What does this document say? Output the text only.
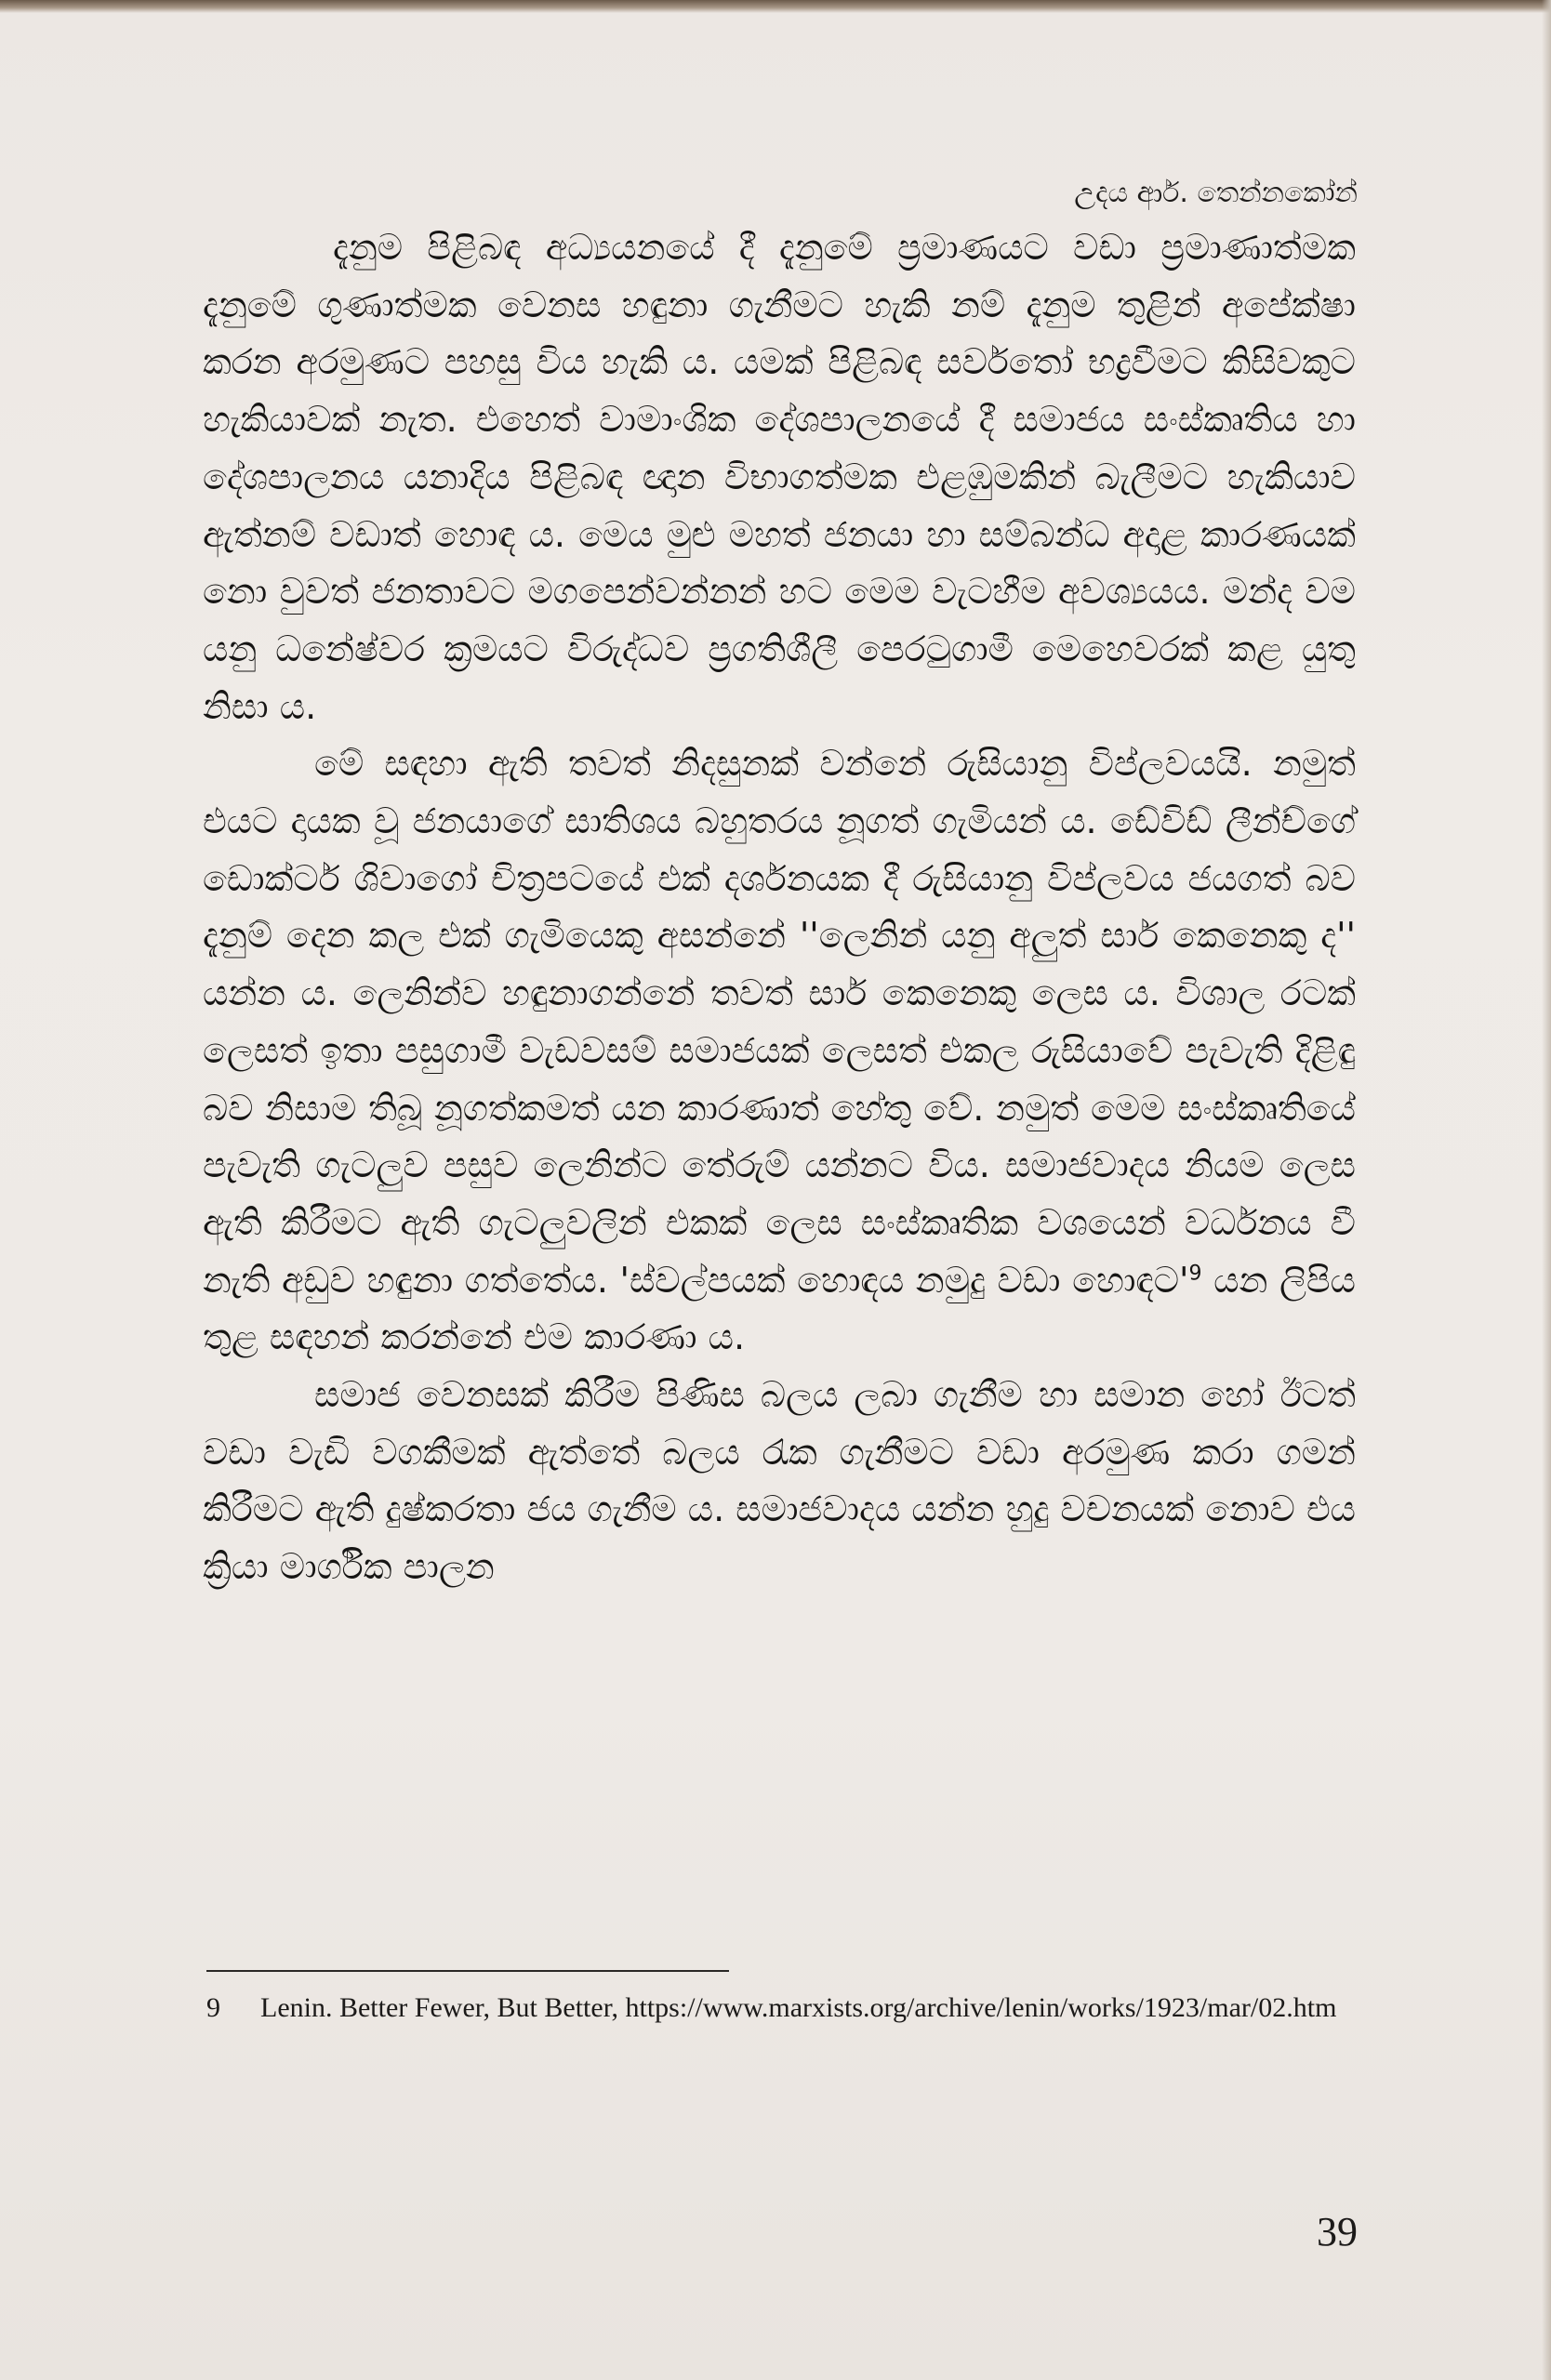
උදය ආර්. තෙන්නකෝන්

දැනුම පිළිබඳ අධ්‍යයනයේ දී දැනුමේ ප්‍රමාණයට වඩා ප්‍රමාණාත්මක දැනුමේ ගුණාත්මක වෙනස හඳුනා ගැනීමට හැකි නම් දැනුම තුළින් අපේක්ෂා කරන අරමුණට පහසු විය හැකි ය. යමක් පිළිබඳ සර්වතෝ භද්‍රවීමට කිසිවකුට හැකියාවක් නැත. එහෙත් වාමාංශික දේශපාලනයේ දී සමාජය සංස්කෘතිය හා දේශපාලනය යනාදිය පිළිබඳ ඥාන විභාගත්මක එළඹුමකින් බැලීමට හැකියාව ඇත්නම් වඩාත් හොඳ ය. මෙය මුළු මහත් ජනයා හා සම්බන්ධ අදාළ කාරණයක් නො වුවත් ජනතාවට මගපෙන්වන්නන් හට මෙම වැටහීම අවශ්‍යයය. මන්ද වම යනු ධනේෂ්වර ක්‍රමයට විරුද්ධව ප්‍රගතිශීලී පෙරටුගාමී මෙහෙවරක් කළ යුතු නිසා ය.

මේ සඳහා ඇති තවත් නිදසුනක් වන්නේ රුසියානු විප්ලවයයි. නමුත් එයට දායක වූ ජනයාගේ සාතිශය බහුතරය නූගත් ගැමියන් ය. ඩේවිඩ් ලීන්ච්ගේ ඩොක්ටර් ශිවාගෝ චිත්‍රපටයේ එක් දර්ශනයක දී රුසියානු විප්ලවය ජයගත් බව දැනුම් දෙන කල එක් ගැමියෙකු අසන්නේ ''ලෙනින් යනු අලුත් සාර් කෙනෙකු ද'' යන්න ය. ලෙනින්ව හඳුනාගන්නේ තවත් සාර් කෙනෙකු ලෙස ය. විශාල රටක් ලෙසත් ඉතා පසුගාමී වැඩවසම් සමාජයක් ලෙසත් එකල රුසියාවේ පැවැති දිළිඳු බව නිසාම තිබූ නූගත්කමත් යන කාරණාත් හේතු වේ. නමුත් මෙම සංස්කෘතියේ පැවැති ගැටලුව පසුව ලෙනින්ට තේරුම් යන්නට විය. සමාජවාදය නියම ලෙස ඇති කිරීමට ඇති ගැටලුවලින් එකක් ලෙස සංස්කෘතික වශයෙන් වර්ධනය වී නැති අඩුව හඳුනා ගත්තේය. 'ස්වල්පයක් හොඳය නමුදු වඩා $හොඳට'^9$ යන ලිපිය තුළ සඳහන් කරන්නේ එම කාරණා ය.

සමාජ වෙනසක් කිරීම පිණිස බලය ලබා ගැනීම හා සමාන හෝ ඊටත් වඩා වැඩි වගකීමක් ඇත්තේ බලය රැක ගැනීමට වඩා අරමුණ කරා ගමන් කිරීමට ඇති දුෂ්කරතා ජය ගැනීම ය. සමාජවාදය යන්න හුදු වචනයක් නොව එය ක්‍රියා මාර්ගික පාලන

9 Lenin. Better Fewer, But Better, https://www.marxists.org/archive/lenin/works/1923/mar/02.htm
39
